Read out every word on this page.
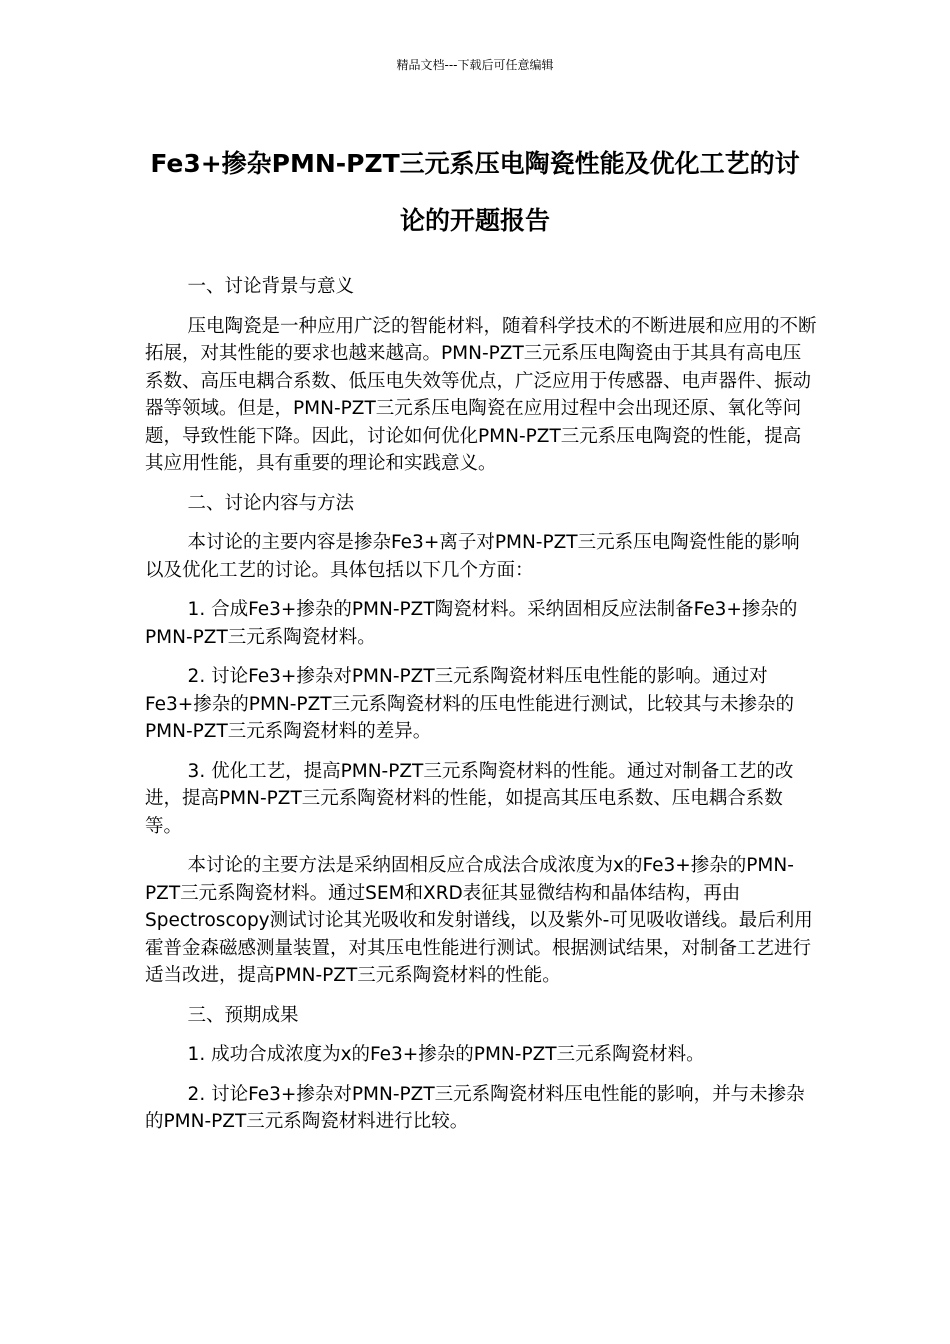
精品文档---下载后可任意编辑
Fe3+掺杂PMN-PZT三元系压电陶瓷性能及优化工艺的讨论的开题报告

一、讨论背景与意义

压电陶瓷是一种应用广泛的智能材料，随着科学技术的不断进展和应用的不断拓展，对其性能的要求也越来越高。PMN-PZT三元系压电陶瓷由于其具有高电压系数、高压电耦合系数、低压电失效等优点，广泛应用于传感器、电声器件、振动器等领域。但是，PMN-PZT三元系压电陶瓷在应用过程中会出现还原、氧化等问题，导致性能下降。因此，讨论如何优化PMN-PZT三元系压电陶瓷的性能，提高其应用性能，具有重要的理论和实践意义。

二、讨论内容与方法

本讨论的主要内容是掺杂Fe3+离子对PMN-PZT三元系压电陶瓷性能的影响以及优化工艺的讨论。具体包括以下几个方面：

1. 合成Fe3+掺杂的PMN-PZT陶瓷材料。采纳固相反应法制备Fe3+掺杂的PMN-PZT三元系陶瓷材料。

2. 讨论Fe3+掺杂对PMN-PZT三元系陶瓷材料压电性能的影响。通过对Fe3+掺杂的PMN-PZT三元系陶瓷材料的压电性能进行测试，比较其与未掺杂的PMN-PZT三元系陶瓷材料的差异。

3. 优化工艺，提高PMN-PZT三元系陶瓷材料的性能。通过对制备工艺的改进，提高PMN-PZT三元系陶瓷材料的性能，如提高其压电系数、压电耦合系数等。

本讨论的主要方法是采纳固相反应合成法合成浓度为x的Fe3+掺杂的PMN-PZT三元系陶瓷材料。通过SEM和XRD表征其显微结构和晶体结构，再由Spectroscopy测试讨论其光吸收和发射谱线，以及紫外-可见吸收谱线。最后利用霍普金森磁感测量装置，对其压电性能进行测试。根据测试结果，对制备工艺进行适当改进，提高PMN-PZT三元系陶瓷材料的性能。

三、预期成果

1. 成功合成浓度为x的Fe3+掺杂的PMN-PZT三元系陶瓷材料。

2. 讨论Fe3+掺杂对PMN-PZT三元系陶瓷材料压电性能的影响，并与未掺杂的PMN-PZT三元系陶瓷材料进行比较。
